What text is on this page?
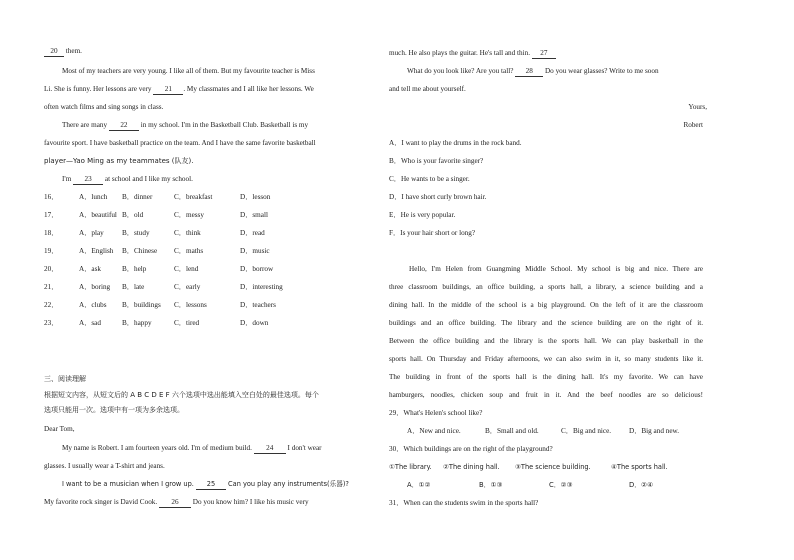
20 them.
Most of my teachers are very young. I like all of them. But my favourite teacher is Miss
Li. She is funny. Her lessons are very 21 . My classmates and I all like her lessons. We
often watch films and sing songs in class.
There are many 22 in my school. I'm in the Basketball Club. Basketball is my
favourite sport. I have basketball practice on the team. And I have the same favorite basketball
player—Yao Ming as my teammates (队友).
I'm 23 at school and I like my school.
16．	A．lunch B．dinner	C．breakfast	D．lesson
17．	A．beautiful B．old	C．messy	D．small
18．	A．play	B．study	C．think	D．read
19．	A．English B．Chinese C．maths	D．music
20．	A．ask	B．help	C．lend	D．borrow
21．	A．boring B．late	C．early	D．interesting
22．	A．clubs B．buildings C．lessons	D．teachers
23．	A．sad	B．happy	C．tired	D．down
三、阅读理解
根据短文内容，从短文后的 A B C D E F 六个选项中选出能填入空白处的最佳选项。每个
选项只能用一次。选项中有一项为多余选项。
Dear Tom,
My name is Robert. I am fourteen years old. I'm of medium build. 24 I don't wear
glasses. I usually wear a T-shirt and jeans.
I want to be a musician when I grow up. 25 Can you play any instruments(乐器)?
My favorite rock singer is David Cook. 26 Do you know him? I like his music very
much. He also plays the guitar. He's tall and thin. 27
What do you look like? Are you tall? 28 Do you wear glasses? Write to me soon
and tell me about yourself.
Yours,
Robert
A．I want to play the drums in the rock band.
B．Who is your favorite singer?
C．He wants to be a singer.
D．I have short curly brown hair.
E．He is very popular.
F．Is your hair short or long?
Hello, I'm Helen from Guangming Middle School. My school is big and nice. There are
three classroom buildings, an office building, a sports hall, a library, a science building and a
dining hall. In the middle of the school is a big playground. On the left of it are the classroom
buildings and an office building. The library and the science building are on the right of it.
Between the office building and the library is the sports hall. We can play basketball in the
sports hall. On Thursday and Friday afternoons, we can also swim in it, so many students like it.
The building in front of the sports hall is the dining hall. It's my favorite. We can have
hamburgers, noodles, chicken soup and fruit in it. And the beef noodles are so delicious!
29．What's Helen's school like?
A．New and nice.	B．Small and old.	C．Big and nice. D．Big and new.
30．Which buildings are on the right of the playground?
①The library. ②The dining hall. ③The science building.	④The sports hall.
A．①②	B．①③	C．②③	D．②④
31．When can the students swim in the sports hall?
